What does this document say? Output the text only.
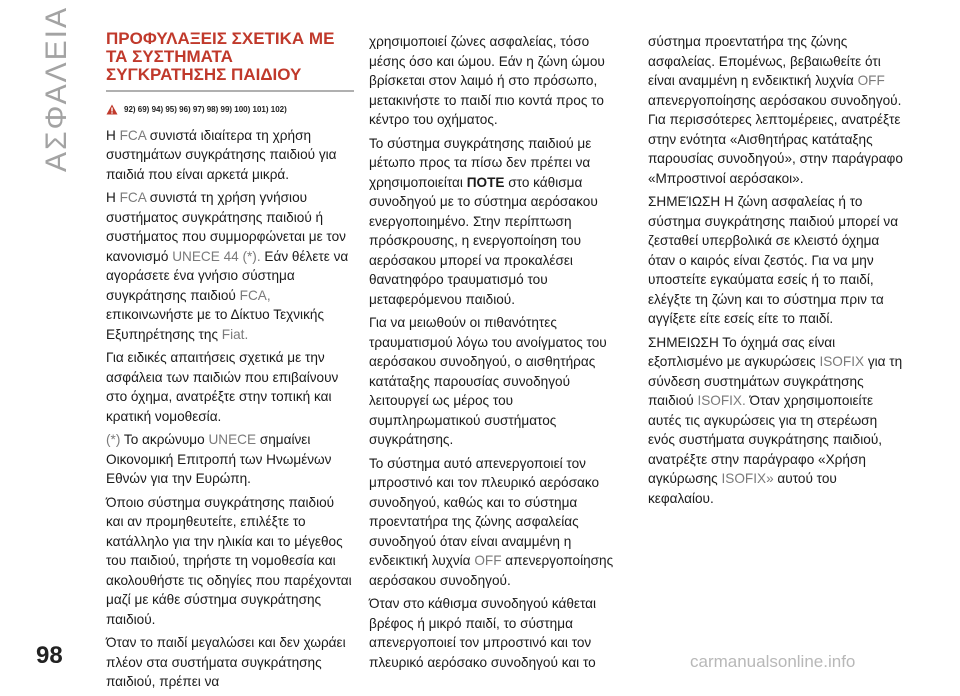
ΑΣΦΑΛΕΙΑ ΠΡΟΦΥΛΑΞΕΙΣ ΣΧΕΤΙΚΑ ΜΕ
ΤΑ ΣΥΣΤΗΜΑΤΑ
ΣΥΓΚΡΑΤΗΣΗΣ ΠΑΙΔΙΟΥ
92) 69) 94) 95) 96) 97) 98) 99) 100) 101) 102)

Η FCA συνιστά ιδιαίτερα τη χρήση συστημάτων συγκράτησης παιδιού για παιδιά που είναι αρκετά μικρά.

Η FCA συνιστά τη χρήση γνήσιου συστήματος συγκράτησης παιδιού ή συστήματος που συμμορφώνεται με τον κανονισμό UNECE 44 (*). Εάν θέλετε να αγοράσετε ένα γνήσιο σύστημα συγκράτησης παιδιού FCA, επικοινωνήστε με το Δίκτυο Τεχνικής Εξυπηρέτησης της Fiat.

Για ειδικές απαιτήσεις σχετικά με την ασφάλεια των παιδιών που επιβαίνουν στο όχημα, ανατρέξτε στην τοπική και κρατική νομοθεσία.

(*) Το ακρώνυμο UNECE σημαίνει Οικονομική Επιτροπή των Ηνωμένων Εθνών για την Ευρώπη.

Όποιο σύστημα συγκράτησης παιδιού και αν προμηθευτείτε, επιλέξτε το κατάλληλο για την ηλικία και το μέγεθος του παιδιού, τηρήστε τη νομοθεσία και ακολουθήστε τις οδηγίες που παρέχονται μαζί με κάθε σύστημα συγκράτησης παιδιού.

Όταν το παιδί μεγαλώσει και δεν χωράει πλέον στα συστήματα συγκράτησης παιδιού, πρέπει να

χρησιμοποιεί ζώνες ασφαλείας, τόσο μέσης όσο και ώμου. Εάν η ζώνη ώμου βρίσκεται στον λαιμό ή στο πρόσωπο, μετακινήστε το παιδί πιο κοντά προς το κέντρο του οχήματος.

Το σύστημα συγκράτησης παιδιού με μέτωπο προς τα πίσω δεν πρέπει να χρησιμοποιείται ΠΟΤΕ στο κάθισμα συνοδηγού με το σύστημα αερόσακου ενεργοποιημένο. Στην περίπτωση πρόσκρουσης, η ενεργοποίηση του αερόσακου μπορεί να προκαλέσει θανατηφόρο τραυματισμό του μεταφερόμενου παιδιού.

Για να μειωθούν οι πιθανότητες τραυματισμού λόγω του ανοίγματος του αερόσακου συνοδηγού, ο αισθητήρας κατάταξης παρουσίας συνοδηγού λειτουργεί ως μέρος του συμπληρωματικού συστήματος συγκράτησης.

Το σύστημα αυτό απενεργοποιεί τον μπροστινό και τον πλευρικό αερόσακο συνοδηγού, καθώς και το σύστημα προεντατήρα της ζώνης ασφαλείας συνοδηγού όταν είναι αναμμένη η ενδεικτική λυχνία OFF απενεργοποίησης αερόσακου συνοδηγού.

Όταν στο κάθισμα συνοδηγού κάθεται βρέφος ή μικρό παιδί, το σύστημα απενεργοποιεί τον μπροστινό και τον πλευρικό αερόσακο συνοδηγού και το

σύστημα προεντατήρα της ζώνης ασφαλείας. Επομένως, βεβαιωθείτε ότι είναι αναμμένη η ενδεικτική λυχνία OFF απενεργοποίησης αερόσακου συνοδηγού. Για περισσότερες λεπτομέρειες, ανατρέξτε στην ενότητα «Αισθητήρας κατάταξης παρουσίας συνοδηγού», στην παράγραφο «Μπροστινοί αερόσακοι».

ΣΗΜΕΊΩΣΗ Η ζώνη ασφαλείας ή το σύστημα συγκράτησης παιδιού μπορεί να ζεσταθεί υπερβολικά σε κλειστό όχημα όταν ο καιρός είναι ζεστός. Για να μην υποστείτε εγκαύματα εσείς ή το παιδί, ελέγξτε τη ζώνη και το σύστημα πριν τα αγγίξετε είτε εσείς είτε το παιδί.

ΣΗΜΕΙΩΣΗ Το όχημά σας είναι εξοπλισμένο με αγκυρώσεις ISOFIX για τη σύνδεση συστημάτων συγκράτησης παιδιού ISOFIX. Όταν χρησιμοποιείτε αυτές τις αγκυρώσεις για τη στερέωση ενός συστήματα συγκράτησης παιδιού, ανατρέξτε στην παράγραφο «Χρήση αγκύρωσης ISOFIX» αυτού του κεφαλαίου.

98	carmanualsonline.info
